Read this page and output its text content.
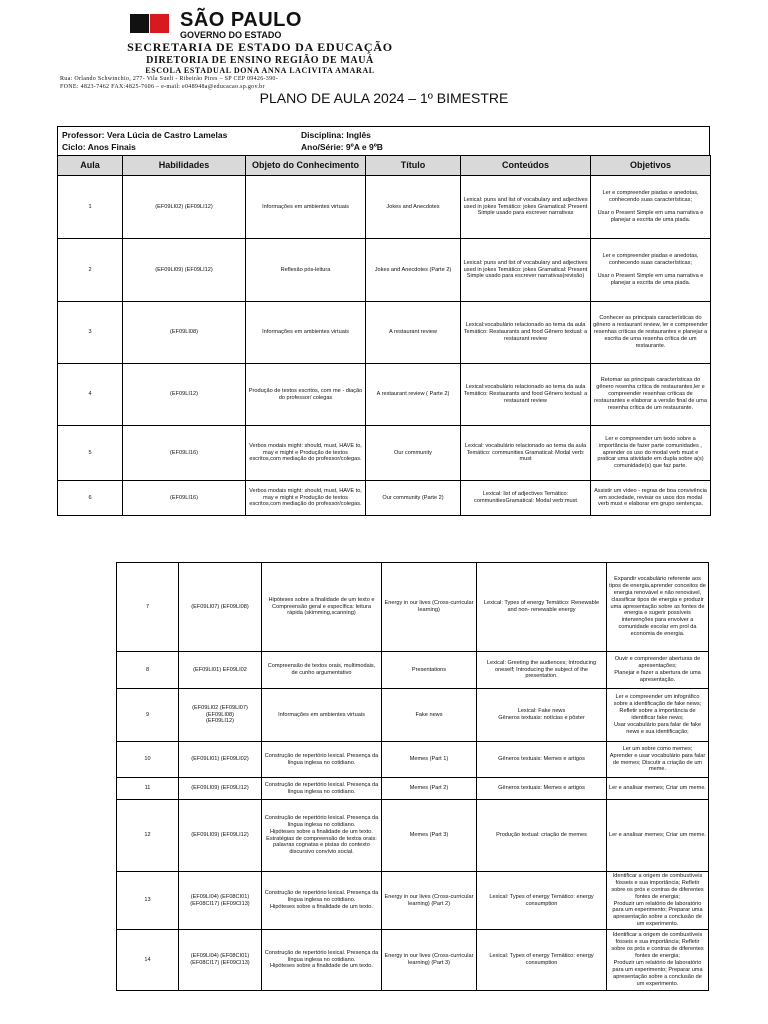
SÃO PAULO
GOVERNO DO ESTADO
SECRETARIA DE ESTADO DA EDUCAÇÃO
DIRETORIA DE ENSINO REGIÃO DE MAUÁ
ESCOLA ESTADUAL DONA ANNA LACIVITA AMARAL
Rua: Orlando Schwinchio, 277- Vila Sueli - Ribeirão Pires – SP CEP 09426-390-
FONE: 4823-7462 FAX:4825-7606 – e-mail: e048948a@educacao.sp.gov.br
PLANO DE AULA 2024 – 1º BIMESTRE
Professor: Vera Lúcia de Castro Lamelas
Ciclo: Anos Finais
Disciplina: Inglês
Ano/Série: 9ºA e 9ºB
Aula	Habilidades	Objeto do Conhecimento	Título	Conteúdos	Objetivos
1	(EF09LI02) (EF09LI12)	Informações em ambientes virtuais	Jokes and Anecdotes	Lexical: puns and list of vocabulary and adjectives used in jokes Temático: jokes Gramatical: Present Simple usado para escrever narrativas	Ler e compreender piadas e anedotas, conhecendo suas características;

Usar o Present Simple em uma narrativa e planejar a escrita de uma piada.
2	(EF09LI09) (EF09LI12)	Reflexão pós-leitura	Jokes and Anecdotes (Parte 2)	Lexical: puns and list of vocabulary and adjectives used in jokes Temático: jokes Gramatical: Present Simple usado para escrever narrativas(revisão)	Ler e compreender piadas e anedotas, conhecendo suas características;

Usar o Present Simple em uma narrativa e planejar a escrita de uma piada.
3	(EF09LI08)	Informações em ambientes virtuais	A restaurant review	Lexical:vocabulário relacionado ao tema da aula Temático: Restaurants and food Gênero textual: a restaurant review	Conhecer as principais características do gênero a restaurant review, ler e compreender resenhas críticas de restaurantes e planejar a escrita de uma resenha crítica de um restaurante.
4	(EF09LI12)	Produção de textos escritos, com me - diação do professor/ colegas	A restaurant review ( Parte 2)	Lexical:vocabulário relacionado ao tema da aula Temático: Restaurants and food Gênero textual: a restaurant review	Retomar as principais características do gênero resenha crítica de restaurantes,ler e compreender resenhas críticas de restaurantes e elaborar a versão final de uma resenha crítica de um restaurante.
5	(EF09LI16)	Verbos modais might: should, must, HAVE to, may e might e Produção de textos escritos,com mediação do professor/colegas.	Our community	Lexical: vocabulário relacionado ao tema da aula Temático: communities Gramatical: Modal verb: must	Ler e compreender um texto sobre a importância de fazer parte comunidades , aprender os uso do modal verb must e praticar uma atividade em dupla sobre a(s) comunidade(s) que faz parte.
6	(EF09LI16)	Verbos modais might: should, must, HAVE to, may e might e Produção de textos escritos,com mediação do professor/colegas.	Our community (Parte 2)	Lexical: list of adjectives Temático: communitiesGramatical: Modal verb:must	Assistir um vídeo - regras de boa convivência em sociedade, revisar os usos dos modal verb must e elaborar em grupo sentenças.
7	(EF09LI07) (EF09LI08)	Hipóteses sobre a finalidade de um texto e Compreensão geral e específica: leitura rápida (skimming,scanning)	Energy in our lives (Cross-curricular learning)	Lexical: Types of energy Temático: Renewable and non- renewable energy	Expandir vocabulário referente aos tipos de energia,aprender conceitos de energia renovável e não renovável, classificar tipos de energia e produzir uma apresentação sobre as fontes de energia e sugerir possíveis intervenções para envolver a comunidade escolar em prol da economia de energia.
8	(EF09LI01) EF09LI02	Compreensão de textos orais, multimodais, de cunho argumentativo	Presentations	Lexical: Greeting the audiences; Introducing oneself; Introducing the subject of the presentation.	Ouvir e compreender aberturas de apresentações;
Planejar e fazer a abertura de uma apresentação.
9	(EF09LI02 (EF09LI07)
(EF09LI08)
(EF09LI12)	Informações em ambientes virtuais	Fake news	Lexical: Fake news
Gêneros textuais: notícias e pôster	Ler e compreender um infográfico sobre a identificação de fake news;
Refletir sobre a importância de identificar fake news;
Usar vocabulário para falar de fake news e sua identificação;
10	(EF09LI01) (EF09LI02)	Construção de repertório lexical. Presença da língua inglesa no cotidiano.	Memes (Part 1)	Gêneros textuais: Memes e artigos	Ler um sobre como memes;
Aprender e usar vocabulário para falar de memes; Discutir a criação de um meme.
11	(EF09LI09) (EF09LI12)	Construção de repertório lexical. Presença da língua inglesa no cotidiano.	Memes (Part 2)	Gêneros textuais: Memes e artigos	Ler e analisar memes; Criar um meme.
12	(EF09LI09) (EF09LI12)	Construção de repertório lexical. Presença da língua inglesa no cotidiano.
Hipóteses sobre a finalidade de um texto.
Estratégias de compreensão de textos orais: palavras cognatas e pistas do contexto discursivo convívio social.	Memes (Part 3)	Produção textual: criação de memes	Ler e analisar memes; Criar um meme.
13	(EF09LI04) (EF08CI01)
(EF08CI17) (EF09CI13)	Construção de repertório lexical. Presença da língua inglesa no cotidiano.
Hipóteses sobre a finalidade de um texto.	Energy in our lives (Cross-curricular learning) (Part 2)	Lexical: Types of energy Temático: energy consumption	Identificar a origem de combustíveis fósseis e sua importância; Refletir sobre os prós e contras de diferentes fontes de energia;
Produzir um relatório de laboratório para um experimento; Preparar uma apresentação sobre a conclusão de um experimento.
14	(EF09LI04) (EF08CI01)
(EF08CI17) (EF09CI13)	Construção de repertório lexical. Presença da língua inglesa no cotidiano.
Hipóteses sobre a finalidade de um texto.	Energy in our lives (Cross-curricular learning) (Part 3)	Lexical: Types of energy Temático: energy consumption	Identificar a origem de combustíveis fósseis e sua importância; Refletir sobre os prós e contras de diferentes fontes de energia;
Produzir um relatório de laboratório para um experimento; Preparar uma apresentação sobre a conclusão de um experimento.
